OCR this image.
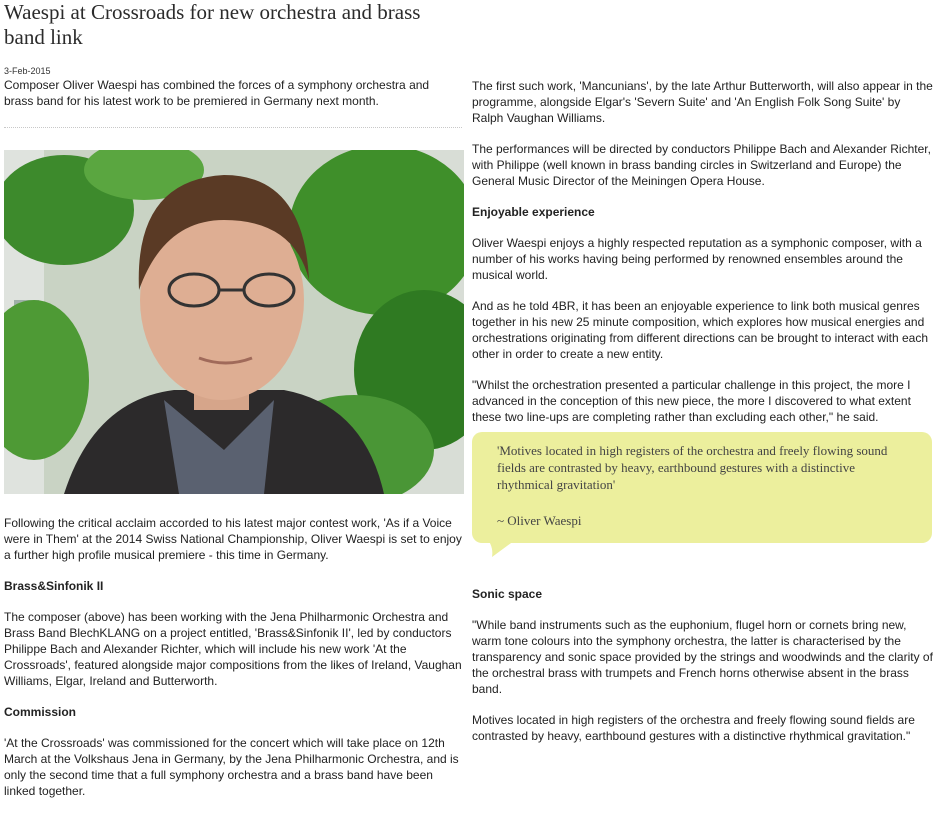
Waespi at Crossroads for new orchestra and brass band link
3-Feb-2015

Composer Oliver Waespi has combined the forces of a symphony orchestra and brass band for his latest work to be premiered in Germany next month.

Following the critical acclaim accorded to his latest major contest work, 'As if a Voice were in Them' at the 2014 Swiss National Championship, Oliver Waespi is set to enjoy a further high profile musical premiere - this time in Germany.

Brass&Sinfonik II

The composer (above) has been working with the Jena Philharmonic Orchestra and Brass Band BlechKLANG on a project entitled, 'Brass&Sinfonik II', led by conductors Philippe Bach and Alexander Richter, which will include his new work 'At the Crossroads', featured alongside major compositions from the likes of Ireland, Vaughan Williams, Elgar, Ireland and Butterworth.

Commission

'At the Crossroads' was commissioned for the concert which will take place on 12th March at the Volkshaus Jena in Germany, by the Jena Philharmonic Orchestra, and is only the second time that a full symphony orchestra and a brass band have been linked together.

The first such work, 'Mancunians', by the late Arthur Butterworth, will also appear in the programme, alongside Elgar's 'Severn Suite' and 'An English Folk Song Suite' by Ralph Vaughan Williams.

The performances will be directed by conductors Philippe Bach and Alexander Richter, with Philippe (well known in brass banding circles in Switzerland and Europe) the General Music Director of the Meiningen Opera House.

Enjoyable experience

Oliver Waespi enjoys a highly respected reputation as a symphonic composer, with a number of his works having being performed by renowned ensembles around the musical world.

And as he told 4BR, it has been an enjoyable experience to link both musical genres together in his new 25 minute composition, which explores how musical energies and orchestrations originating from different directions can be brought to interact with each other in order to create a new entity.

"Whilst the orchestration presented a particular challenge in this project, the more I advanced in the conception of this new piece, the more I discovered to what extent these two line-ups are completing rather than excluding each other," he said.

'Motives located in high registers of the orchestra and freely flowing sound fields are contrasted by heavy, earthbound gestures with a distinctive rhythmical gravitation'
~ Oliver Waespi
Sonic space

"While band instruments such as the euphonium, flugel horn or cornets bring new, warm tone colours into the symphony orchestra, the latter is characterised by the transparency and sonic space provided by the strings and woodwinds and the clarity of the orchestral brass with trumpets and French horns otherwise absent in the brass band.

Motives located in high registers of the orchestra and freely flowing sound fields are contrasted by heavy, earthbound gestures with a distinctive rhythmical gravitation."
